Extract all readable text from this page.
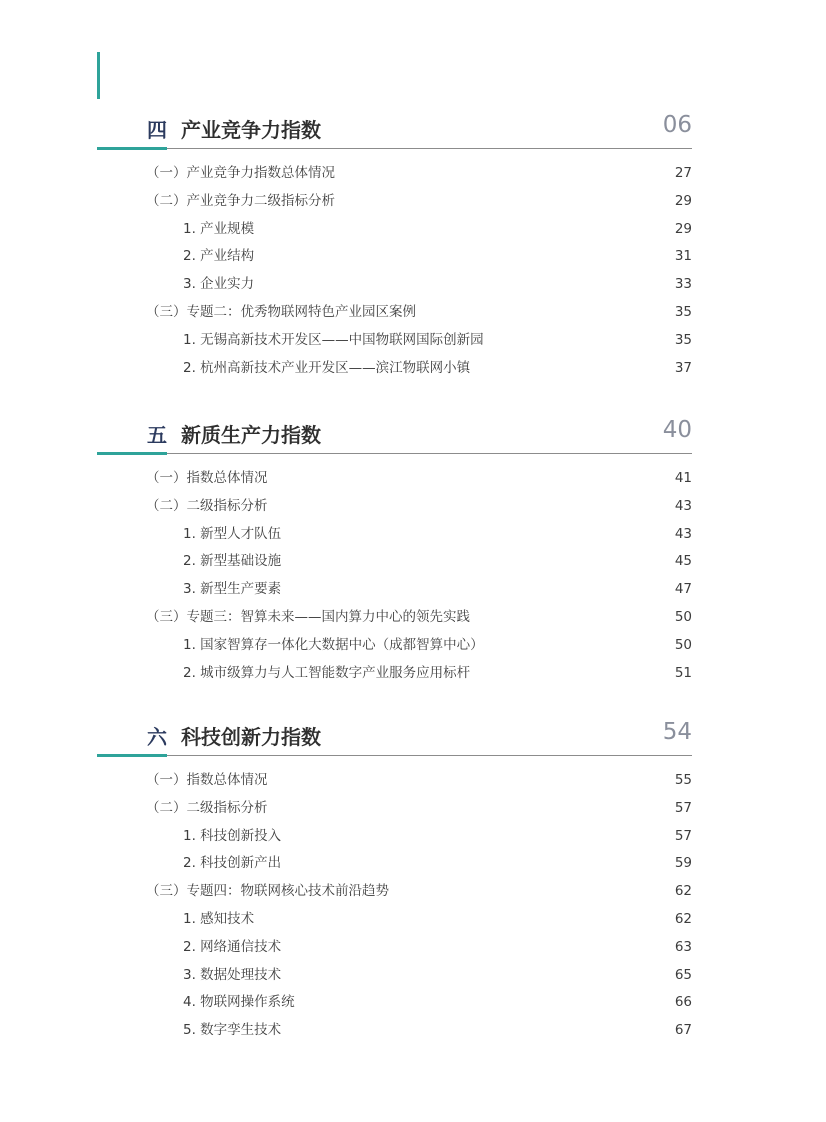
四 产业竞争力指数	06
（一）产业竞争力指数总体情况	27
（二）产业竞争力二级指标分析	29
1. 产业规模	29
2. 产业结构	31
3. 企业实力	33
（三）专题二：优秀物联网特色产业园区案例	35
1. 无锡高新技术开发区——中国物联网国际创新园	35
2. 杭州高新技术产业开发区——滨江物联网小镇	37
五 新质生产力指数	40
（一）指数总体情况	41
（二）二级指标分析	43
1. 新型人才队伍	43
2. 新型基础设施	45
3. 新型生产要素	47
（三）专题三：智算未来——国内算力中心的领先实践	50
1. 国家智算存一体化大数据中心（成都智算中心）	50
2. 城市级算力与人工智能数字产业服务应用标杆	51
六 科技创新力指数	54
（一）指数总体情况	55
（二）二级指标分析	57
1. 科技创新投入	57
2. 科技创新产出	59
（三）专题四：物联网核心技术前沿趋势	62
1. 感知技术	62
2. 网络通信技术	63
3. 数据处理技术	65
4. 物联网操作系统	66
5. 数字孪生技术	67
